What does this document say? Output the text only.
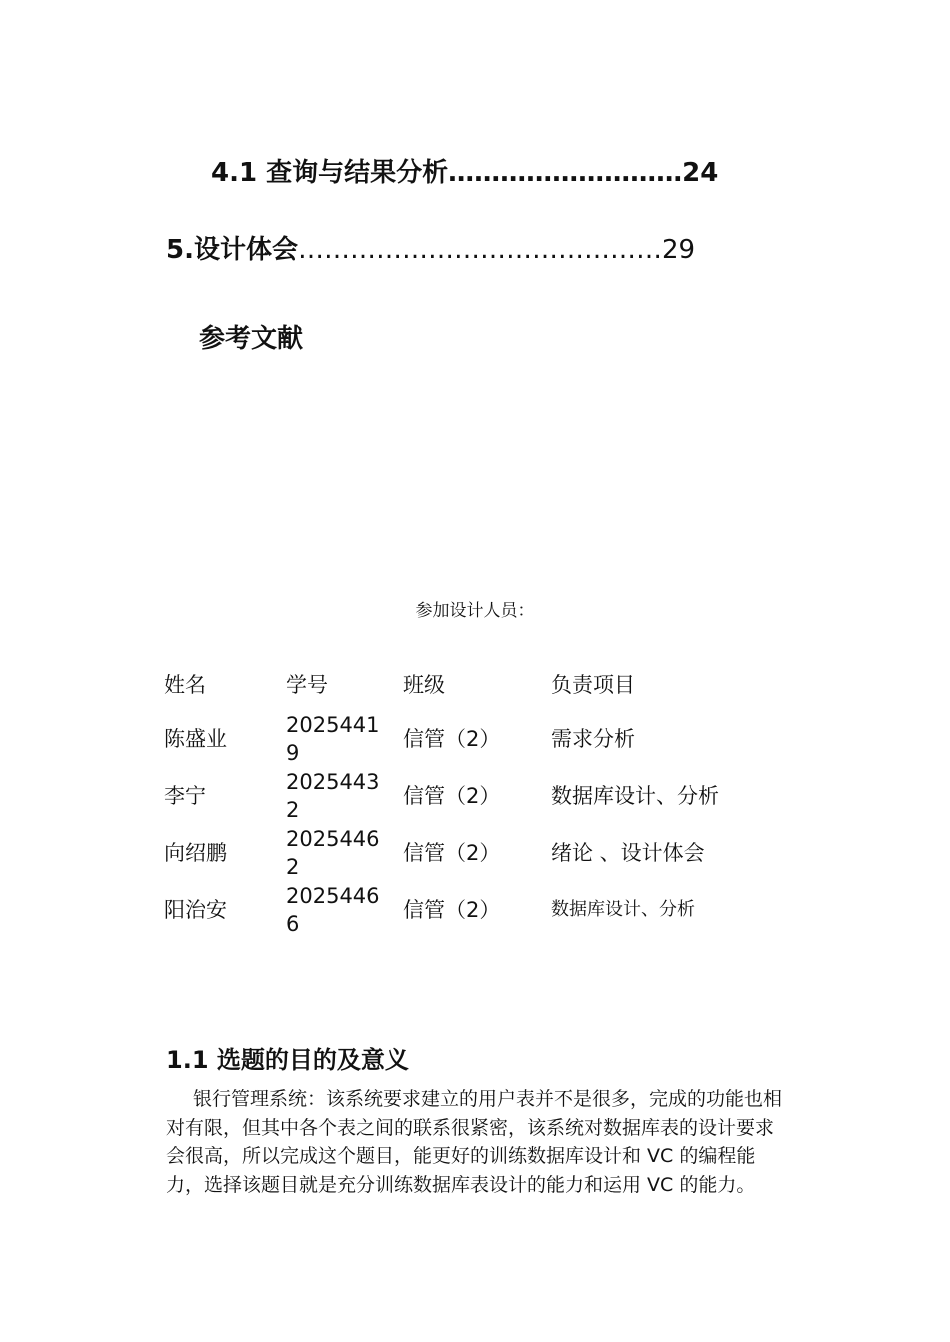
4.1 查询与结果分析………………………24
5.设计体会……………………………………29
参考文献
参加设计人员：
姓名	学号	班级	负责项目
陈盛业	20254419	信管（2）	需求分析
李宁	20254432	信管（2）	数据库设计、分析
向绍鹏	20254462	信管（2）	绪论 、设计体会
阳治安	20254466	信管（2）	数据库设计、分析
1.1 选题的目的及意义
银行管理系统：该系统要求建立的用户表并不是很多，完成的功能也相对有限，但其中各个表之间的联系很紧密，该系统对数据库表的设计要求会很高，所以完成这个题目，能更好的训练数据库设计和 VC 的编程能力，选择该题目就是充分训练数据库表设计的能力和运用 VC 的能力。
